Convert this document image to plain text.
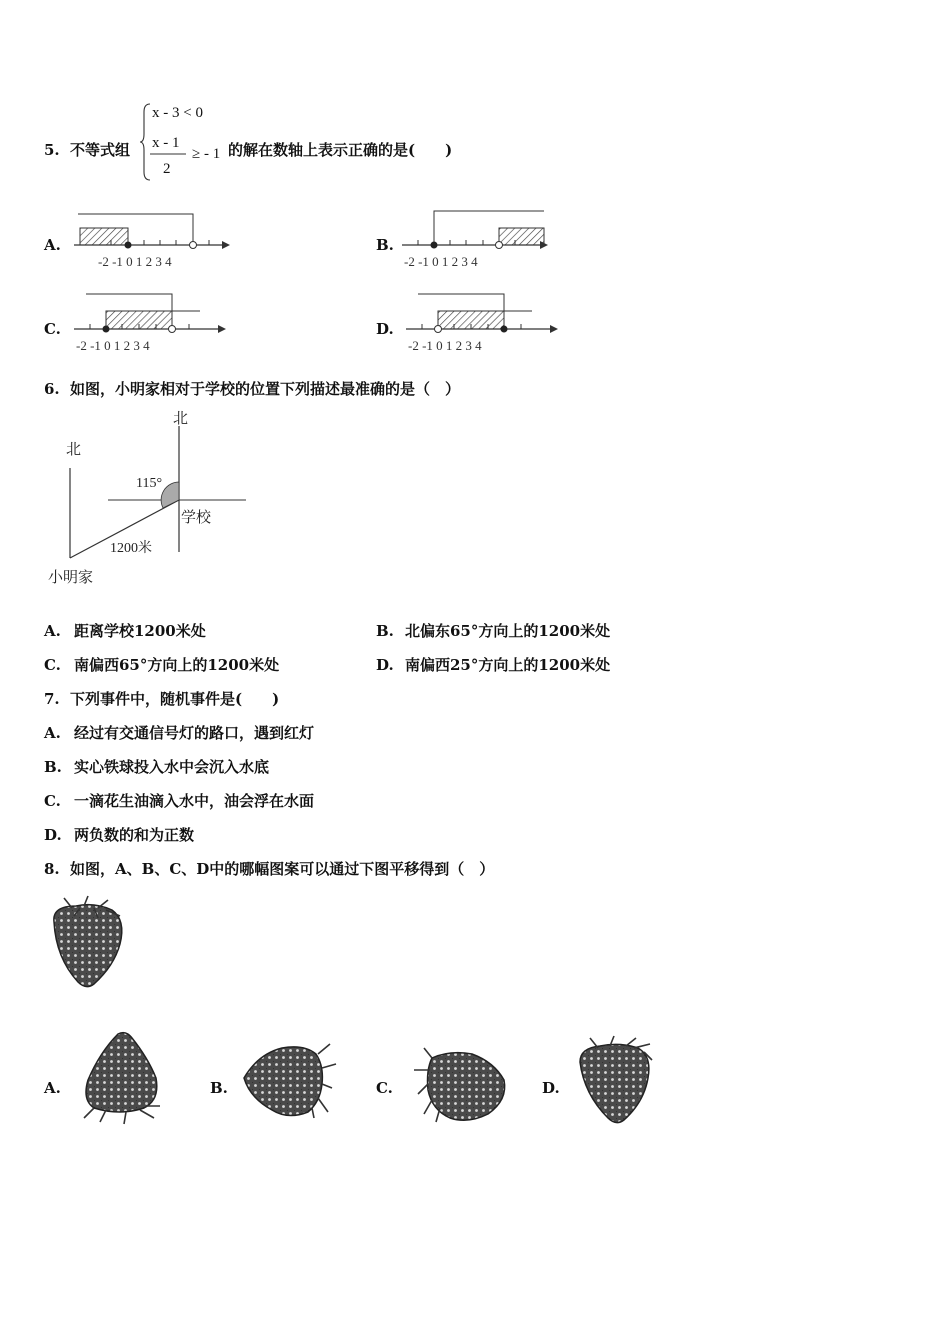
5. 不等式组
x - 3 < 0
x - 1
2
≥ - 1 的解在数轴上表示正确的是(　　)
A.
-2 -1 0 1 2 3 4
B.
-2 -1 0 1 2 3 4
C.
-2 -1 0 1 2 3 4
D.
-2 -1 0 1 2 3 4
6. 如图，小明家相对于学校的位置下列描述最准确的是（　）
北
北
115°
学校
1200米
小明家
A. 距离学校1200米处	B. 北偏东65°方向上的1200米处
C. 南偏西65°方向上的1200米处	D. 南偏西25°方向上的1200米处
7. 下列事件中，随机事件是(　　)
A. 经过有交通信号灯的路口，遇到红灯
B. 实心铁球投入水中会沉入水底
C. 一滴花生油滴入水中，油会浮在水面
D. 两负数的和为正数
8. 如图，A、B、C、D中的哪幅图案可以通过下图平移得到（　）
A.	B.	C.	D.
